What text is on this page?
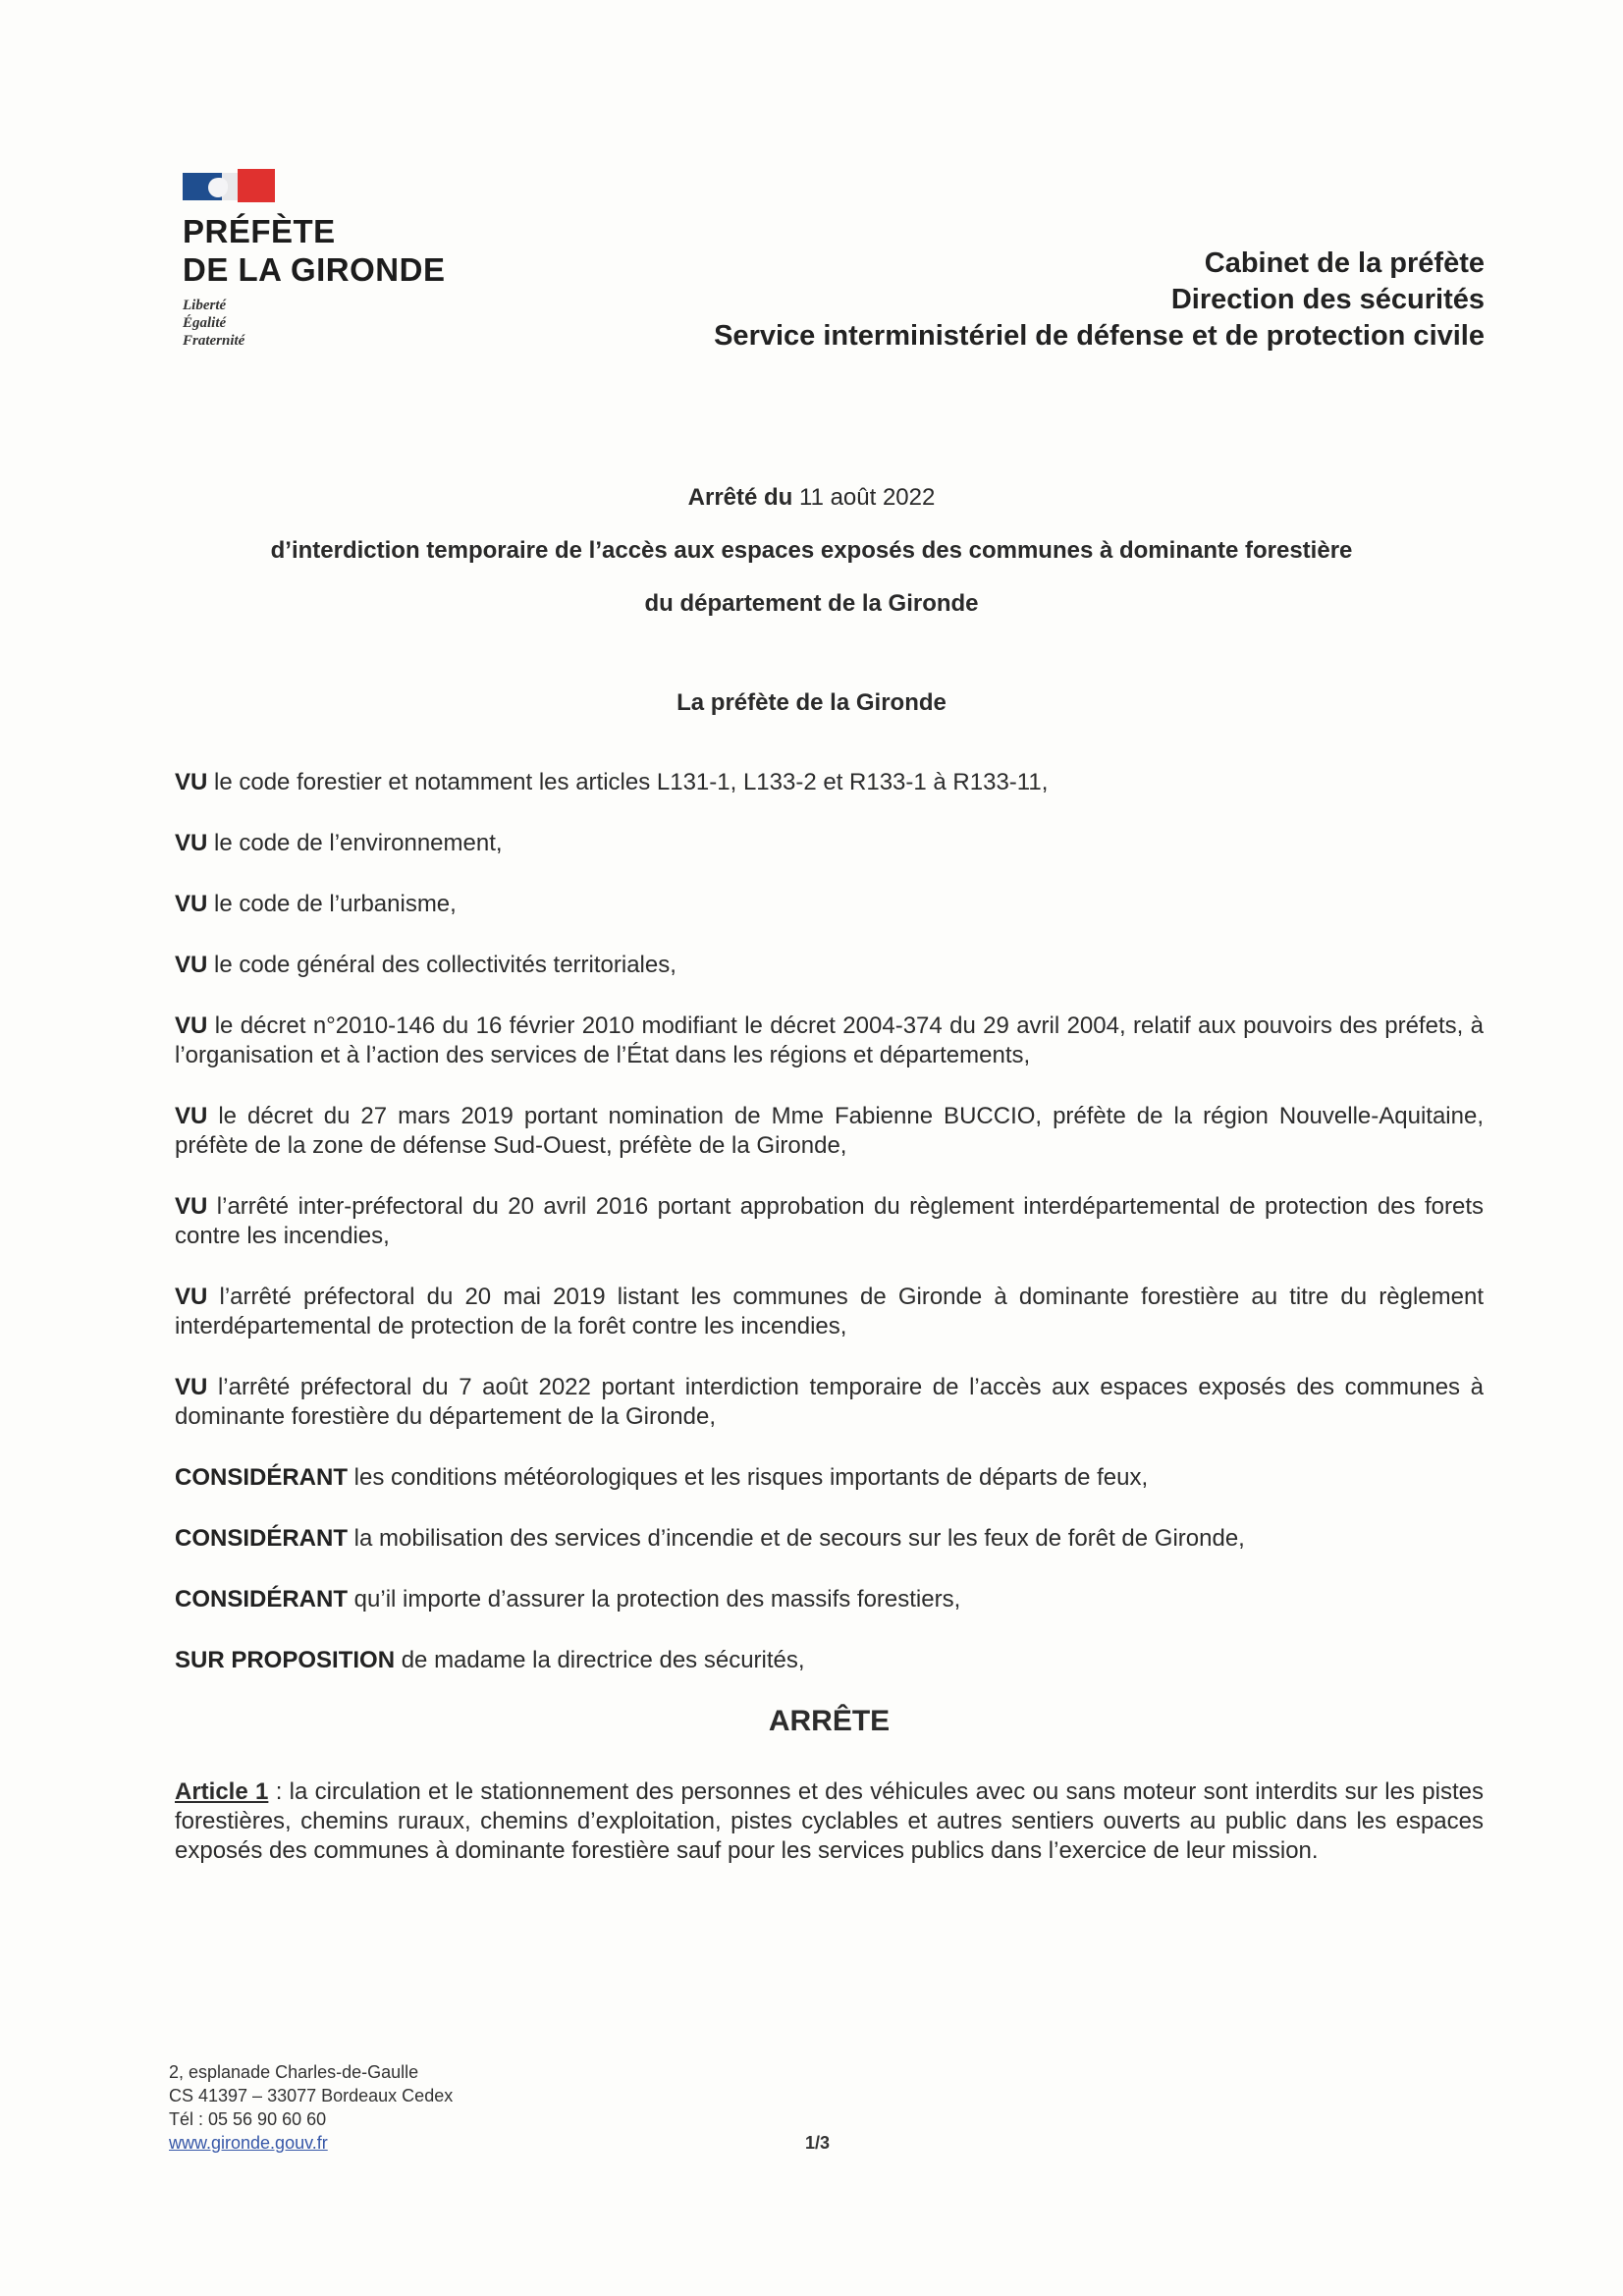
PRÉFÈTE
DE LA GIRONDE
Liberté
Égalité
Fraternité
Cabinet de la préfète
Direction des sécurités
Service interministériel de défense et de protection civile
Arrêté du 11 août 2022
d’interdiction temporaire de l’accès aux espaces exposés des communes à dominante forestière
du département de la Gironde
La préfète de la Gironde

VU le code forestier et notamment les articles L131-1, L133-2 et R133-1 à R133-11,

VU le code de l’environnement,

VU le code de l’urbanisme,

VU le code général des collectivités territoriales,

VU le décret n°2010-146 du 16 février 2010 modifiant le décret 2004-374 du 29 avril 2004, relatif aux pouvoirs des préfets, à l’organisation et à l’action des services de l’État dans les régions et départements,

VU le décret du 27 mars 2019 portant nomination de Mme Fabienne BUCCIO, préfète de la région Nouvelle-Aquitaine, préfète de la zone de défense Sud-Ouest, préfète de la Gironde,

VU l’arrêté inter-préfectoral du 20 avril 2016 portant approbation du règlement interdépartemental de protection des forets contre les incendies,

VU l’arrêté préfectoral du 20 mai 2019 listant les communes de Gironde à dominante forestière au titre du règlement interdépartemental de protection de la forêt contre les incendies,

VU l’arrêté préfectoral du 7 août 2022 portant interdiction temporaire de l’accès aux espaces exposés des communes à dominante forestière du département de la Gironde,

CONSIDÉRANT les conditions météorologiques et les risques importants de départs de feux,

CONSIDÉRANT la mobilisation des services d’incendie et de secours sur les feux de forêt de Gironde,

CONSIDÉRANT qu’il importe d’assurer la protection des massifs forestiers,

SUR PROPOSITION de madame la directrice des sécurités,

ARRÊTE

Article 1 : la circulation et le stationnement des personnes et des véhicules avec ou sans moteur sont interdits sur les pistes forestières, chemins ruraux, chemins d’exploitation, pistes cyclables et autres sentiers ouverts au public dans les espaces exposés des communes à dominante forestière sauf pour les services publics dans l’exercice de leur mission.

2, esplanade Charles-de-Gaulle
CS 41397 – 33077 Bordeaux Cedex
Tél : 05 56 90 60 60
www.gironde.gouv.fr	1/3
